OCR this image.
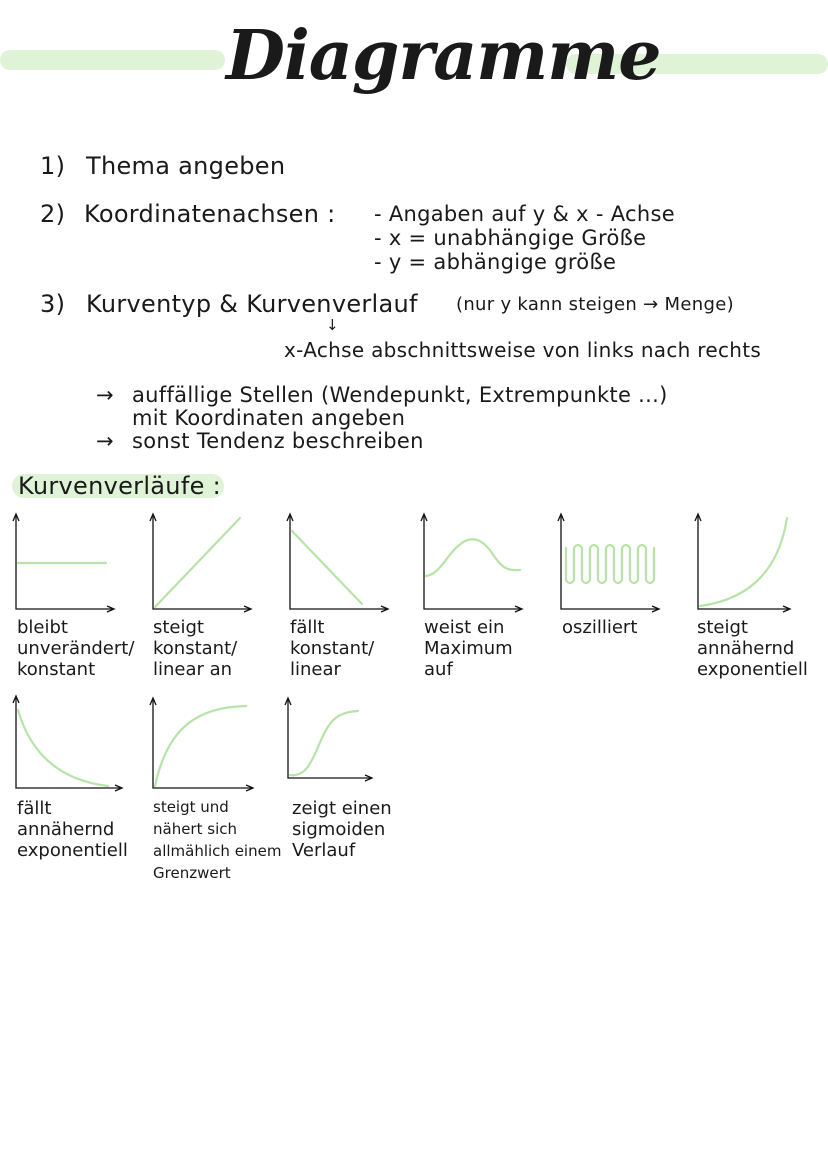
Diagramme
1) Thema angeben
2) Koordinatenachsen : - Angaben auf y & x - Achse
- x = unabhängige Größe
- y = abhängige größe
3) Kurventyp & Kurvenverlauf (nur y kann steigen → Menge)
↓
x-Achse abschnittsweise von links nach rechts
→ auffällige Stellen (Wendepunkt, Extrempunkte ...)
mit Koordinaten angeben
→ sonst Tendenz beschreiben
Kurvenverläufe :
bleibt
unverändert/
konstant
steigt
konstant/
linear an
fällt
konstant/
linear
weist ein
Maximum
auf
oszilliert	steigt
annähernd
exponentiell
fällt
annähernd
exponentiell
steigt und
nähert sich
allmählich einem
Grenzwert
zeigt einen
sigmoiden
Verlauf
